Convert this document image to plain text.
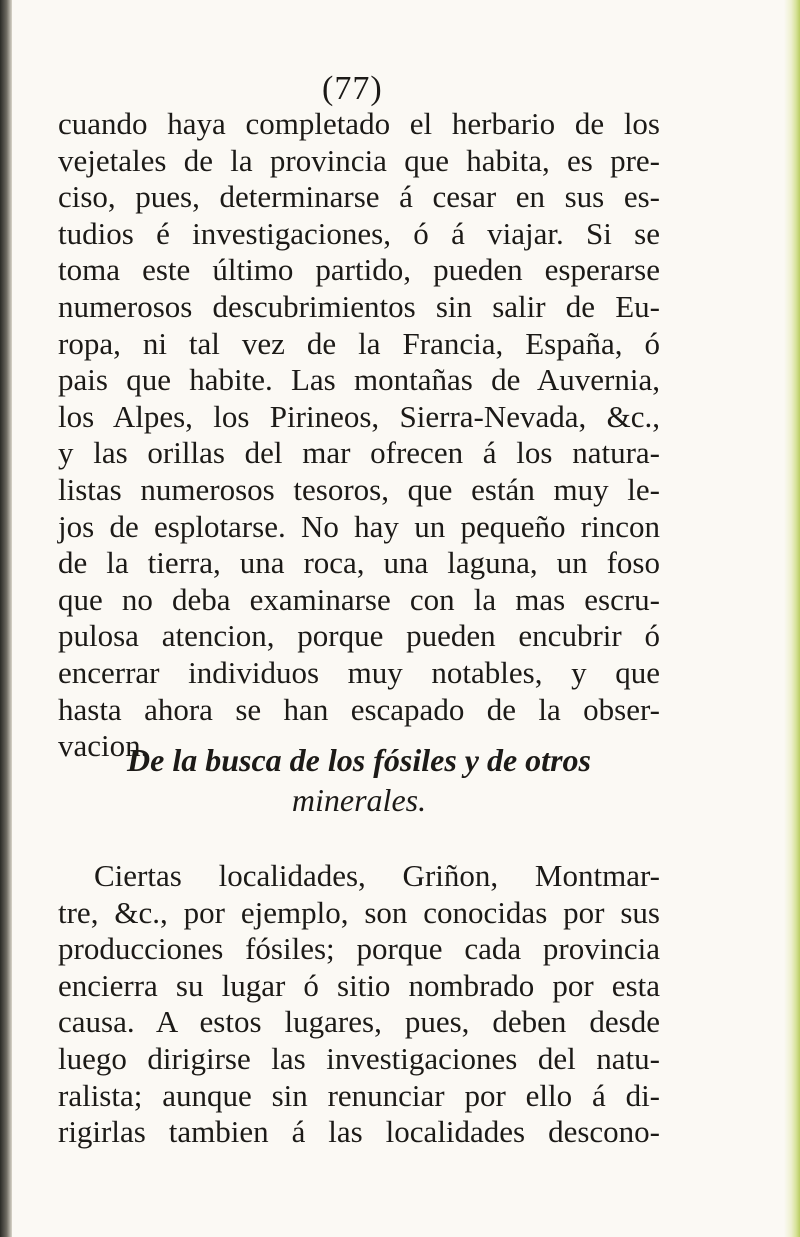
(77)
cuando haya completado el herbario de los
vejetales de la provincia que habita, es pre-
ciso, pues, determinarse á cesar en sus es-
tudios é investigaciones, ó á viajar. Si se
toma este último partido, pueden esperarse
numerosos descubrimientos sin salir de Eu-
ropa, ni tal vez de la Francia, España, ó
pais que habite. Las montañas de Auvernia,
los Alpes, los Pirineos, Sierra-Nevada, &c.,
y las orillas del mar ofrecen á los natura-
listas numerosos tesoros, que están muy le-
jos de esplotarse. No hay un pequeño rincon
de la tierra, una roca, una laguna, un foso
que no deba examinarse con la mas escru-
pulosa atencion, porque pueden encubrir ó
encerrar individuos muy notables, y que
hasta ahora se han escapado de la obser-
vacion.
De la busca de los fósiles y de otros
minerales.
Ciertas localidades, Griñon, Montmar-
tre, &c., por ejemplo, son conocidas por sus
producciones fósiles; porque cada provincia
encierra su lugar ó sitio nombrado por esta
causa. A estos lugares, pues, deben desde
luego dirigirse las investigaciones del natu-
ralista; aunque sin renunciar por ello á di-
rigirlas tambien á las localidades descono-
